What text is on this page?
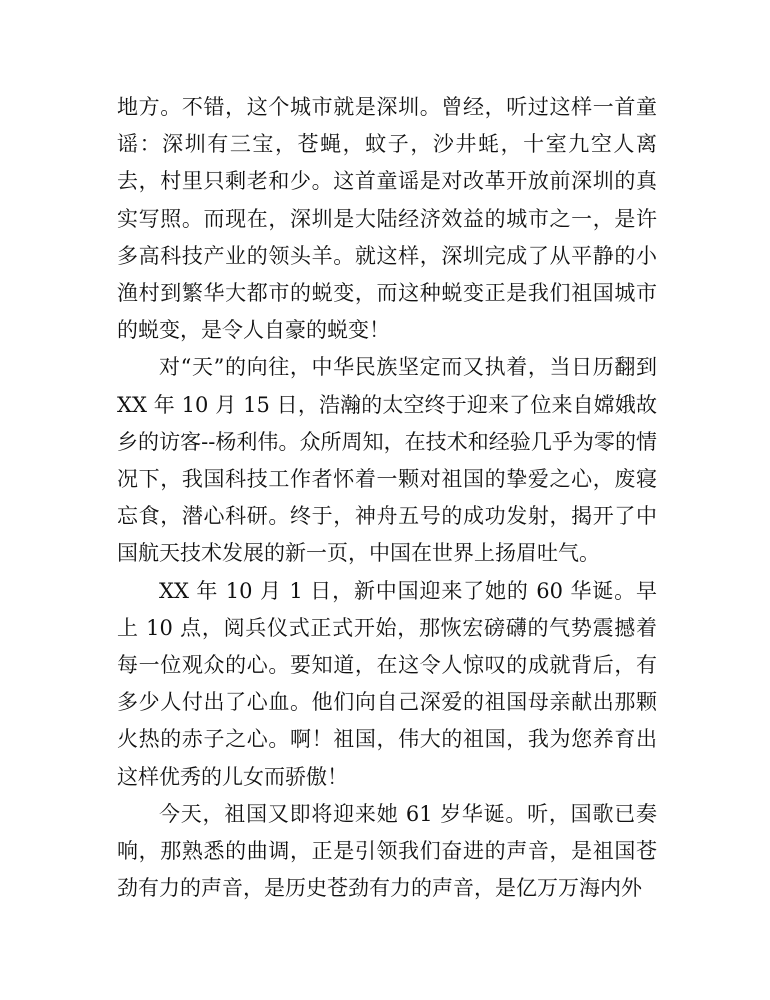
地方。不错，这个城市就是深圳。曾经，听过这样一首童谣：深圳有三宝，苍蝇，蚊子，沙井蚝，十室九空人离去，村里只剩老和少。这首童谣是对改革开放前深圳的真实写照。而现在，深圳是大陆经济效益的城市之一，是许多高科技产业的领头羊。就这样，深圳完成了从平静的小渔村到繁华大都市的蜕变，而这种蜕变正是我们祖国城市的蜕变，是令人自豪的蜕变！

对“天”的向往，中华民族坚定而又执着，当日历翻到 XX 年 10 月 15 日，浩瀚的太空终于迎来了位来自嫦娥故乡的访客--杨利伟。众所周知，在技术和经验几乎为零的情况下，我国科技工作者怀着一颗对祖国的挚爱之心，废寝忘食，潜心科研。终于，神舟五号的成功发射，揭开了中国航天技术发展的新一页，中国在世界上扬眉吐气。

XX 年 10 月 1 日，新中国迎来了她的 60 华诞。早上 10 点，阅兵仪式正式开始，那恢宏磅礴的气势震撼着每一位观众的心。要知道，在这令人惊叹的成就背后，有多少人付出了心血。他们向自己深爱的祖国母亲献出那颗火热的赤子之心。啊！祖国，伟大的祖国，我为您养育出这样优秀的儿女而骄傲！

今天，祖国又即将迎来她 61 岁华诞。听，国歌已奏响，那熟悉的曲调，正是引领我们奋进的声音，是祖国苍劲有力的声音，是历史苍劲有力的声音，是亿万万海内外
